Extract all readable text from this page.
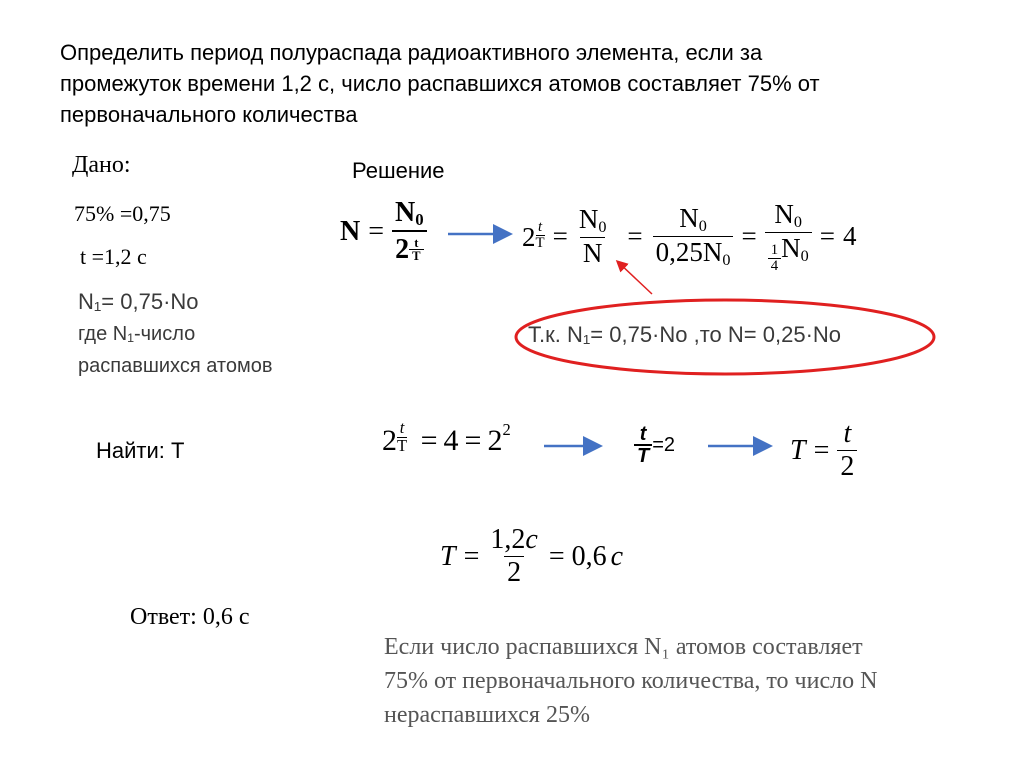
Определить период полураспада радиоактивного элемента, если за
промежуток времени 1,2 с, число распавшихся атомов составляет 75% от
первоначального количества
Дано:
75% =0,75
t =1,2 с
N₁= 0,75·Nо
где N₁-число
распавшихся атомов
Решение
$N = \frac{N_0}{2 \frac{t}{T}}$	$2 \frac{t}{T} = \frac{N_0}{N} = \frac{N_0}{0,25N_0} = \frac{N_0}{\frac{1}{4} N_0} = 4$
Т.к. N₁= 0,75·Nо ,то N= 0,25·Nо
Найти: T	$2 \frac{t}{T} = 4 = 2^2$	$\frac{t}{T} =2$	$T = \frac{t}{2}$
$T = \frac{1,2c}{2} = 0,6$ c
Ответ: 0,6 с
Если число распавшихся N₁ атомов составляет
75% от первоначального количества, то число N
нераспавшихся 25%
